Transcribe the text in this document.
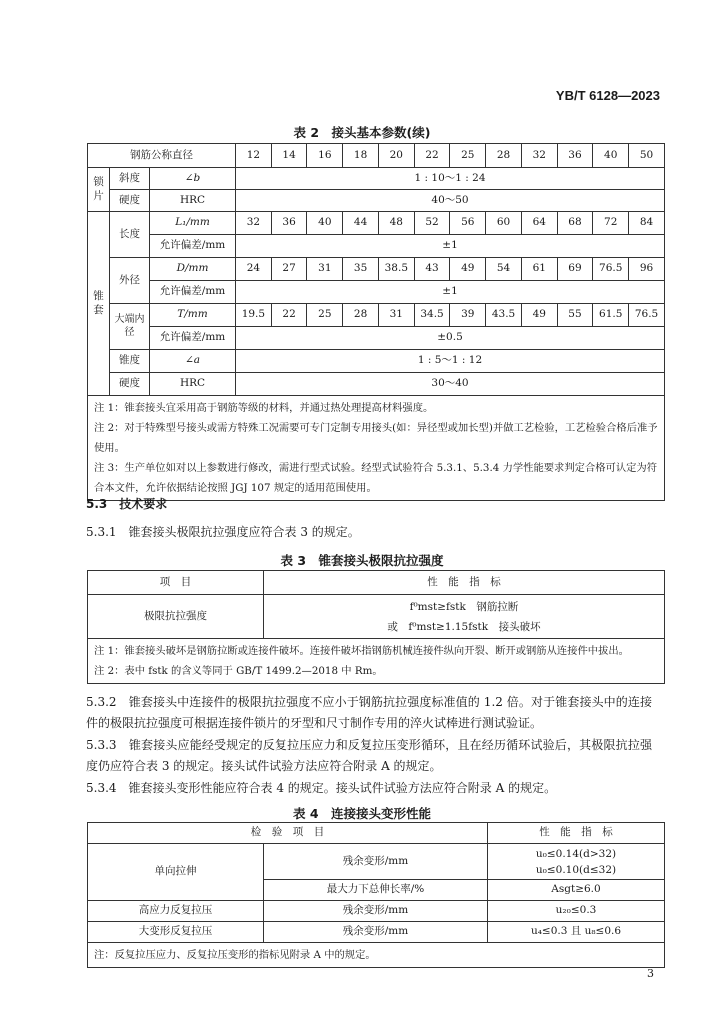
YB/T 6128—2023
表 2　接头基本参数(续)
钢筋公称直径			12	14	16	18	20	22	25	28	32	36	40	50
锁片	斜度	∠b	1 : 10～1 : 24											
	硬度	HRC	40～50											
锥套	长度	L₁/mm	32	36	40	44	48	52	56	60	64	68	72	84
		允许偏差/mm	±1											
	外径	D/mm	24	27	31	35	38.5	43	49	54	61	69	76.5	96
		允许偏差/mm	±1											
	大端内径	T/mm	19.5	22	25	28	31	34.5	39	43.5	49	55	61.5	76.5
		允许偏差/mm	±0.5											
	锥度	∠a	1 : 5～1 : 12											
	硬度	HRC	30～40											

注 1：锥套接头宜采用高于钢筋等级的材料，并通过热处理提高材料强度。
注 2：对于特殊型号接头或需方特殊工况需要可专门定制专用接头(如：异径型或加长型)并做工艺检验，工艺检验合格后准予使用。
注 3：生产单位如对以上参数进行修改，需进行型式试验。经型式试验符合 5.3.1、5.3.4 力学性能要求判定合格可认定为符合本文件，允许依据结论按照 JGJ 107 规定的适用范围使用。														
5.3　技术要求
5.3.1　锥套接头极限抗拉强度应符合表 3 的规定。
表 3　锥套接头极限抗拉强度
项　目	性　能　指　标
极限抗拉强度	f⁰mst≥fstk　钢筋拉断
或　f⁰mst≥1.15fstk　接头破坏

注 1：锥套接头破坏是钢筋拉断或连接件破坏。连接件破坏指钢筋机械连接件纵向开裂、断开或钢筋从连接件中拔出。
注 2：表中 fstk 的含义等同于 GB/T 1499.2—2018 中 Rm。	
5.3.2　锥套接头中连接件的极限抗拉强度不应小于钢筋抗拉强度标准值的 1.2 倍。对于锥套接头中的连接件的极限抗拉强度可根据连接件锁片的牙型和尺寸制作专用的淬火试棒进行测试验证。
5.3.3　锥套接头应能经受规定的反复拉压应力和反复拉压变形循环，且在经历循环试验后，其极限抗拉强度仍应符合表 3 的规定。接头试件试验方法应符合附录 A 的规定。
5.3.4　锥套接头变形性能应符合表 4 的规定。接头试件试验方法应符合附录 A 的规定。
表 4　连接接头变形性能
检　验　项　目		性　能　指　标
单向拉伸	残余变形/mm	u₀≤0.14(d>32)
u₀≤0.10(d≤32)

	最大力下总伸长率/%	Asgt≥6.0
高应力反复拉压	残余变形/mm	u₂₀≤0.3
大变形反复拉压	残余变形/mm	u₄≤0.3 且 u₈≤0.6
注：反复拉压应力、反复拉压变形的指标见附录 A 中的规定。		
3
